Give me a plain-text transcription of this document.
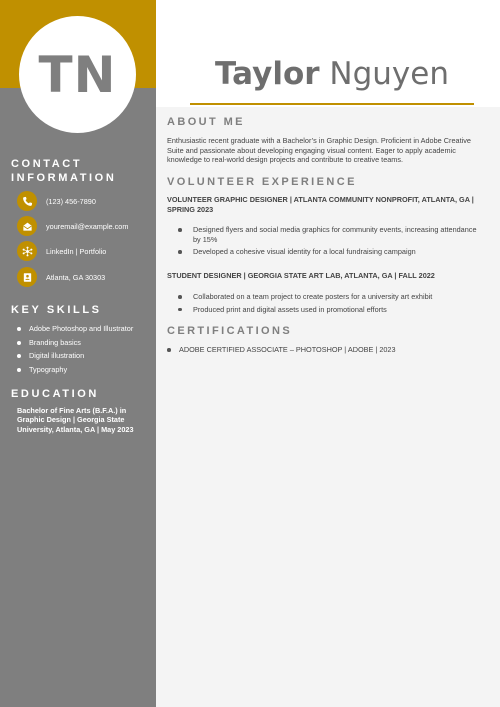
TN	Taylor Nguyen
CONTACT
INFORMATION
(123) 456-7890
youremail@example.com
LinkedIn | Portfolio
Atlanta, GA 30303
KEY SKILLS
Adobe Photoshop and Illustrator
Branding basics
Digital illustration
Typography
EDUCATION
Bachelor of Fine Arts (B.F.A.) in Graphic Design | Georgia State University, Atlanta, GA | May 2023
ABOUT ME
Enthusiastic recent graduate with a Bachelor’s in Graphic Design. Proficient in Adobe Creative Suite and passionate about developing engaging visual content. Eager to apply academic knowledge to real-world design projects and contribute to creative teams.
VOLUNTEER EXPERIENCE
VOLUNTEER GRAPHIC DESIGNER | ATLANTA COMMUNITY NONPROFIT, ATLANTA, GA | SPRING 2023
Designed flyers and social media graphics for community events, increasing attendance by 15%
Developed a cohesive visual identity for a local fundraising campaign
STUDENT DESIGNER | GEORGIA STATE ART LAB, ATLANTA, GA | FALL 2022
Collaborated on a team project to create posters for a university art exhibit
Produced print and digital assets used in promotional efforts
CERTIFICATIONS
ADOBE CERTIFIED ASSOCIATE – PHOTOSHOP | ADOBE | 2023
